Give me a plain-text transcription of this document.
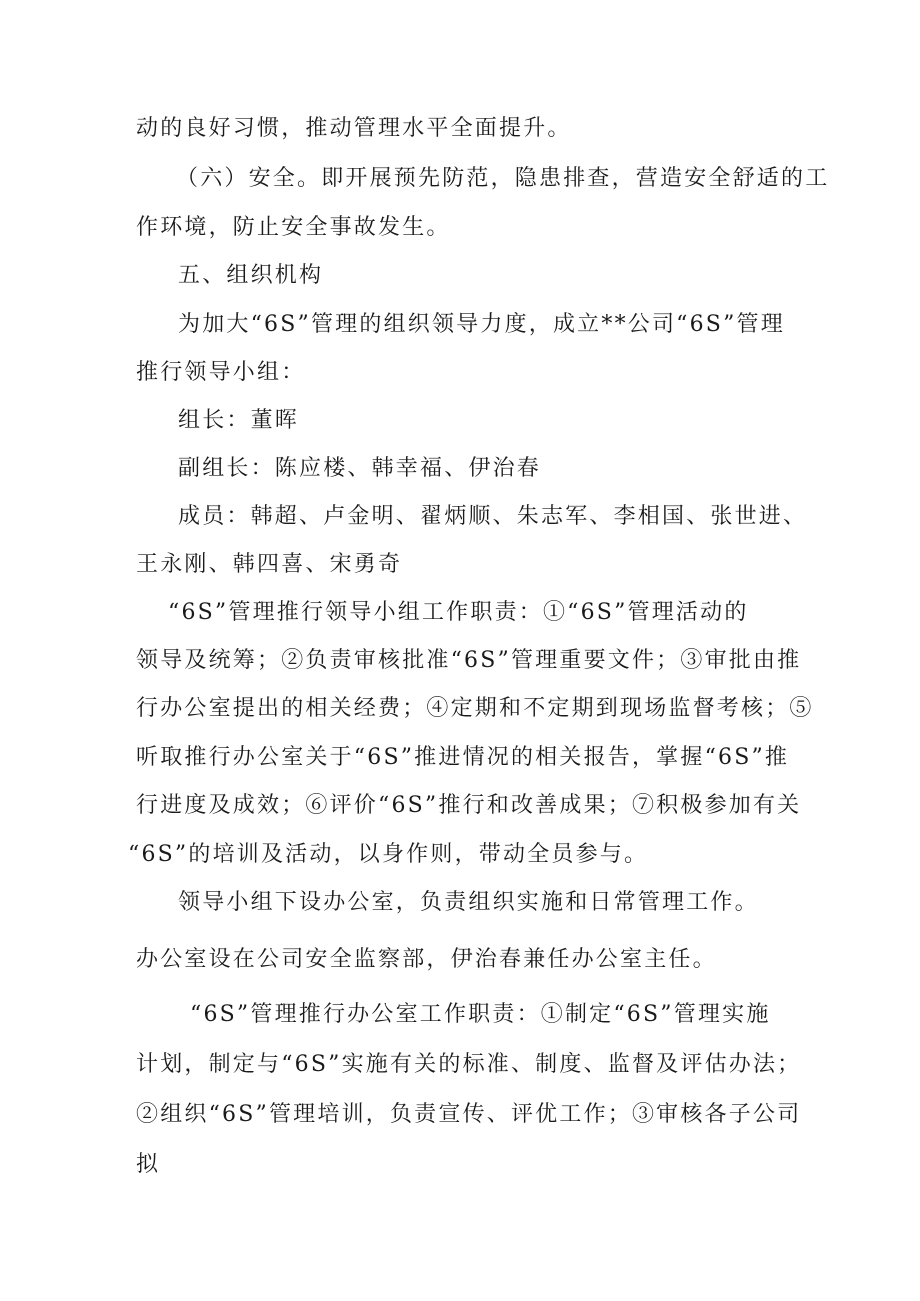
动的良好习惯，推动管理水平全面提升。
（六）安全。即开展预先防范，隐患排查，营造安全舒适的工
作环境，防止安全事故发生。
五、组织机构
为加大“6S”管理的组织领导力度，成立**公司“6S”管理
推行领导小组：
组长：董晖
副组长：陈应楼、韩幸福、伊治春
成员：韩超、卢金明、翟炳顺、朱志军、李相国、张世进、
王永刚、韩四喜、宋勇奇
“6S”管理推行领导小组工作职责：①“6S”管理活动的
领导及统筹；②负责审核批准“6S”管理重要文件；③审批由推
行办公室提出的相关经费；④定期和不定期到现场监督考核；⑤
听取推行办公室关于“6S”推进情况的相关报告，掌握“6S”推
行进度及成效；⑥评价“6S”推行和改善成果；⑦积极参加有关
“6S”的培训及活动，以身作则，带动全员参与。
领导小组下设办公室，负责组织实施和日常管理工作。
办公室设在公司安全监察部，伊治春兼任办公室主任。
“6S”管理推行办公室工作职责：①制定“6S”管理实施
计划，制定与“6S”实施有关的标准、制度、监督及评估办法；
②组织“6S”管理培训，负责宣传、评优工作；③审核各子公司
拟
